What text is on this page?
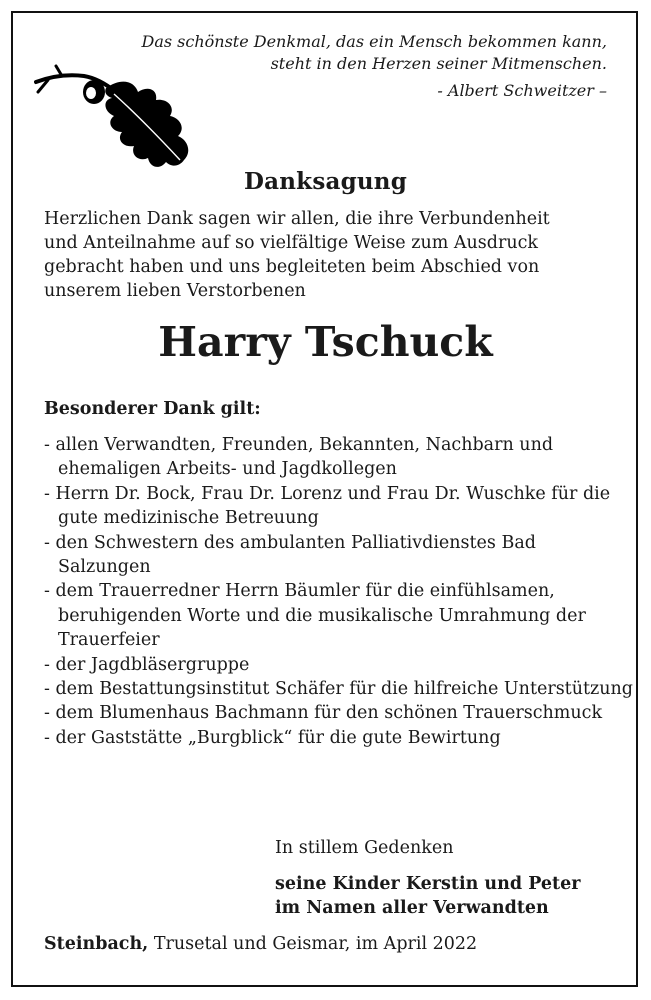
Das schönste Denkmal, das ein Mensch bekommen kann,
steht in den Herzen seiner Mitmenschen.
- Albert Schweitzer –
Danksagung
Herzlichen Dank sagen wir allen, die ihre Verbundenheit
und Anteilnahme auf so vielfältige Weise zum Ausdruck
gebracht haben und uns begleiteten beim Abschied von
unserem lieben Verstorbenen
Harry Tschuck
Besonderer Dank gilt:
- allen Verwandten, Freunden, Bekannten, Nachbarn und ehemaligen Arbeits- und Jagdkollegen
- Herrn Dr. Bock, Frau Dr. Lorenz und Frau Dr. Wuschke für die gute medizinische Betreuung
- den Schwestern des ambulanten Palliativdienstes Bad Salzungen
- dem Trauerredner Herrn Bäumler für die einfühlsamen, beruhigenden Worte und die musikalische Umrahmung der Trauerfeier
- der Jagdbläsergruppe
- dem Bestattungsinstitut Schäfer für die hilfreiche Unterstützung
- dem Blumenhaus Bachmann für den schönen Trauerschmuck
- der Gaststätte „Burgblick“ für die gute Bewirtung
In stillem Gedenken
seine Kinder Kerstin und Peter
im Namen aller Verwandten
Steinbach, Trusetal und Geismar, im April 2022
